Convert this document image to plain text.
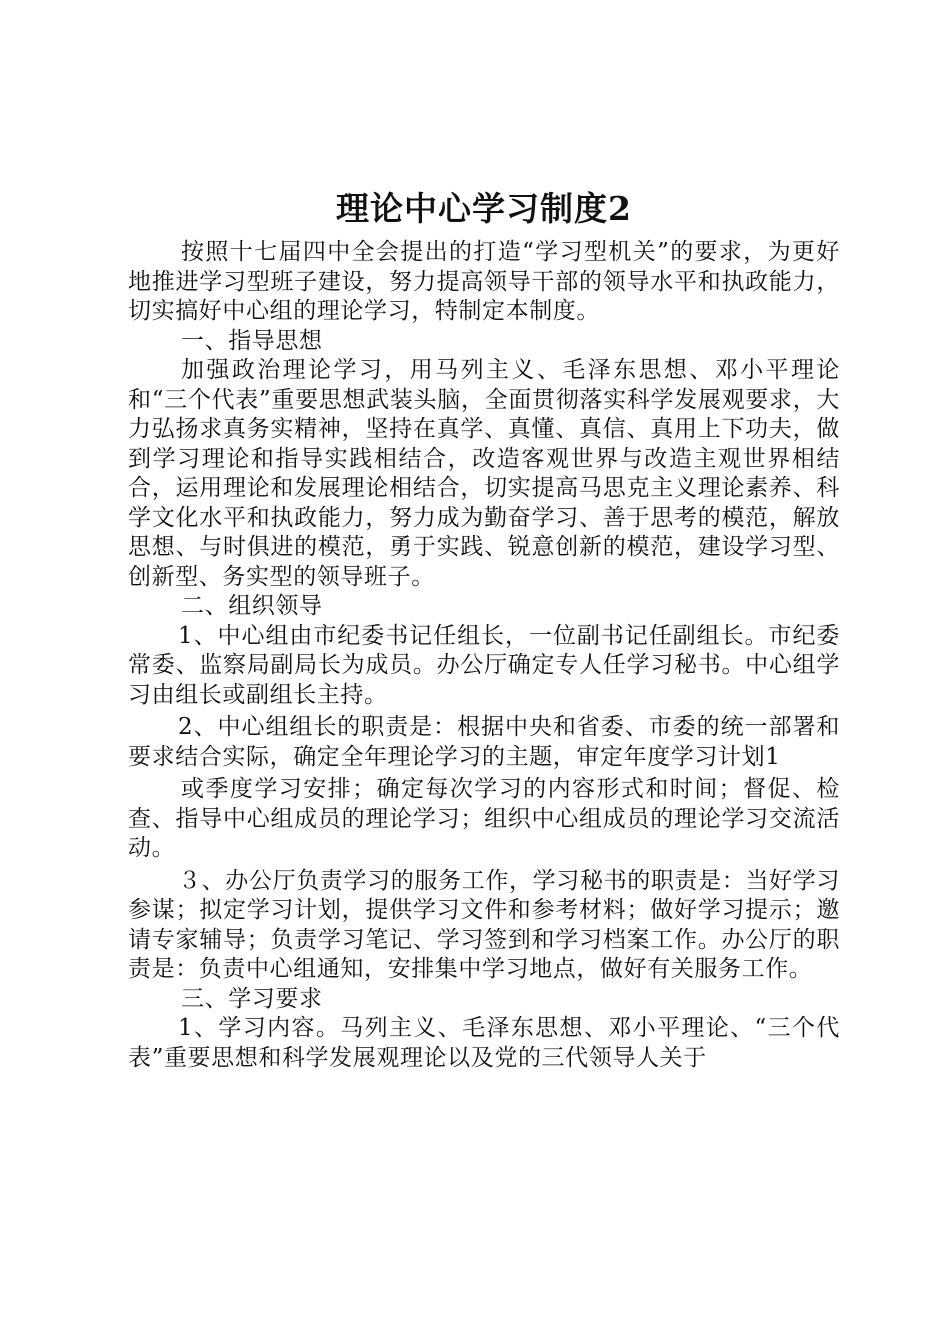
理论中心学习制度2

按照十七届四中全会提出的打造“学习型机关”的要求，为更好地推进学习型班子建设，努力提高领导干部的领导水平和执政能力，切实搞好中心组的理论学习，特制定本制度。

一、指导思想

加强政治理论学习，用马列主义、毛泽东思想、邓小平理论和“三个代表”重要思想武装头脑，全面贯彻落实科学发展观要求，大力弘扬求真务实精神，坚持在真学、真懂、真信、真用上下功夫，做到学习理论和指导实践相结合，改造客观世界与改造主观世界相结合，运用理论和发展理论相结合，切实提高马思克主义理论素养、科学文化水平和执政能力，努力成为勤奋学习、善于思考的模范，解放思想、与时俱进的模范，勇于实践、锐意创新的模范，建设学习型、创新型、务实型的领导班子。

二、组织领导

1、中心组由市纪委书记任组长，一位副书记任副组长。市纪委常委、监察局副局长为成员。办公厅确定专人任学习秘书。中心组学习由组长或副组长主持。

2、中心组组长的职责是：根据中央和省委、市委的统一部署和要求结合实际，确定全年理论学习的主题，审定年度学习计划1

或季度学习安排；确定每次学习的内容形式和时间；督促、检查、指导中心组成员的理论学习；组织中心组成员的理论学习交流活动。

３、办公厅负责学习的服务工作，学习秘书的职责是：当好学习参谋；拟定学习计划，提供学习文件和参考材料；做好学习提示；邀请专家辅导；负责学习笔记、学习签到和学习档案工作。办公厅的职责是：负责中心组通知，安排集中学习地点，做好有关服务工作。

三、学习要求

1、学习内容。马列主义、毛泽东思想、邓小平理论、“三个代表”重要思想和科学发展观理论以及党的三代领导人关于
